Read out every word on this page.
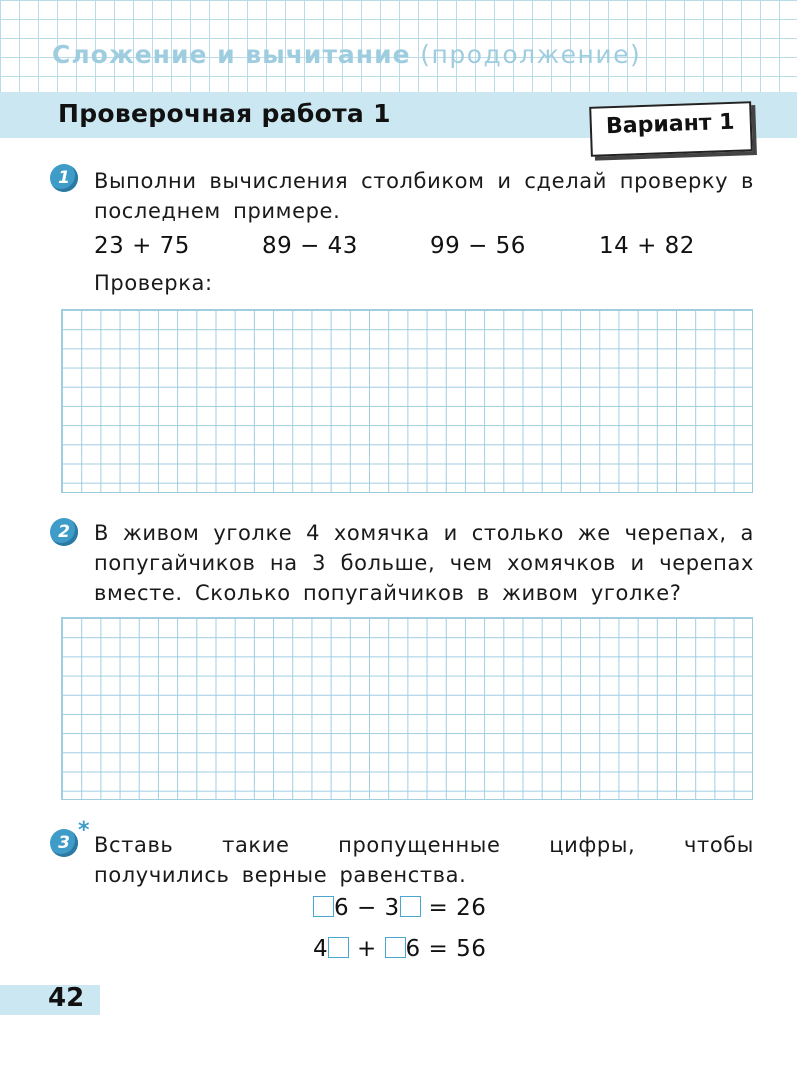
Сложение и вычитание (продолжение)
Проверочная работа 1	Вариант 1
1	Выполни вычисления столбиком и сделай проверку в последнем примере.
23 + 75	89 − 43	99 − 56	14 + 82
Проверка:
2	В живом уголке 4 хомячка и столько же черепах, а попугайчиков на 3 больше, чем хомячков и черепах вместе. Сколько попугайчиков в живом уголке?
3 *
Вставь такие пропущенные цифры, чтобы получились верные равенства.
6 − 3 = 26
4 + 6 = 56
42
